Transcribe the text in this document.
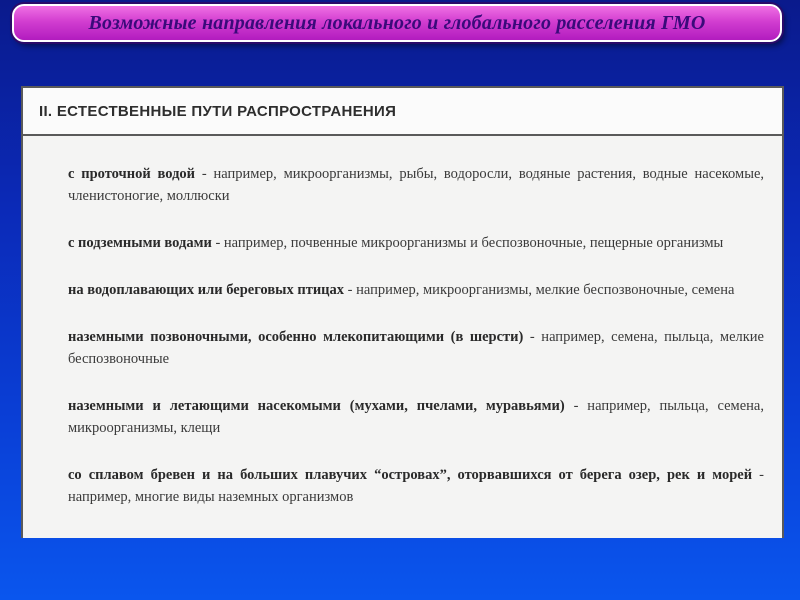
Возможные направления локального и глобального расселения ГМО
II. ЕСТЕСТВЕННЫЕ ПУТИ РАСПРОСТРАНЕНИЯ

с проточной водой - например, микроорганизмы, рыбы, водоросли, водяные растения, водные насекомые, членистоногие, моллюски

с подземными водами - например, почвенные микроорганизмы и беспозвоночные, пещерные организмы

на водоплавающих или береговых птицах - например, микроорганизмы, мелкие беспозвоночные, семена

наземными позвоночными, особенно млекопитающими (в шерсти) - например, семена, пыльца, мелкие беспозвоночные

наземными и летающими насекомыми (мухами, пчелами, муравьями) - например, пыльца, семена, микроорганизмы, клещи

со сплавом бревен и на больших плавучих “островах”, оторвавшихся от берега озер, рек и морей - например, многие виды наземных организмов
